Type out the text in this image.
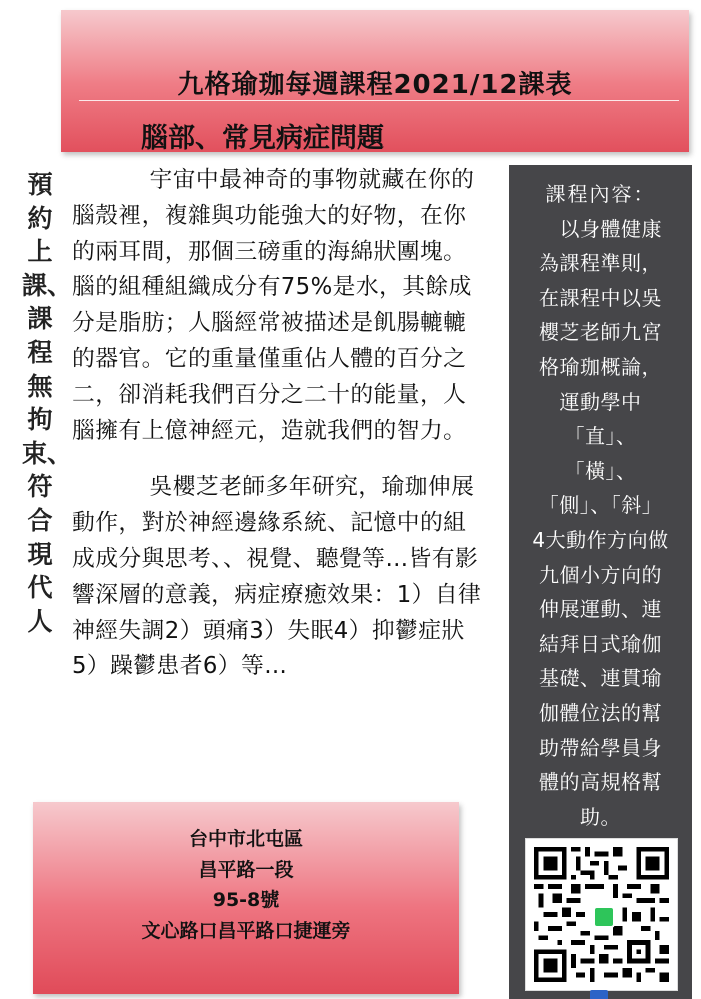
九格瑜珈每週課程2021/12課表
腦部、常見病症問題
預約上課、課程無拘束、符合現代人

宇宙中最神奇的事物就藏在你的腦殼裡，複雜與功能強大的好物，在你的兩耳間，那個三磅重的海綿狀團塊。腦的組種組織成分有75%是水，其餘成分是脂肪；人腦經常被描述是飢腸轆轆的器官。它的重量僅重佔人體的百分之二，卻消耗我們百分之二十的能量，人腦擁有上億神經元，造就我們的智力。

吳櫻芝老師多年研究，瑜珈伸展動作，對於神經邊緣系統、記憶中的組成成分與思考、、視覺、聽覺等…皆有影響深層的意義，病症療癒效果：1）自律神經失調2）頭痛3）失眠4）抑鬱症狀5）躁鬱患者6）等…

課程內容：
　以身體健康
為課程準則，
在課程中以吳
櫻芝老師九宮
格瑜珈概論，
運動學中
「直」、
「橫」、
「側」、「斜」
4大動作方向做
九個小方向的
伸展運動、連
結拜日式瑜伽
基礎、連貫瑜
伽體位法的幫
助帶給學員身
體的高規格幫
助。
台中市北屯區
昌平路一段
95-8號
文心路口昌平路口捷運旁
